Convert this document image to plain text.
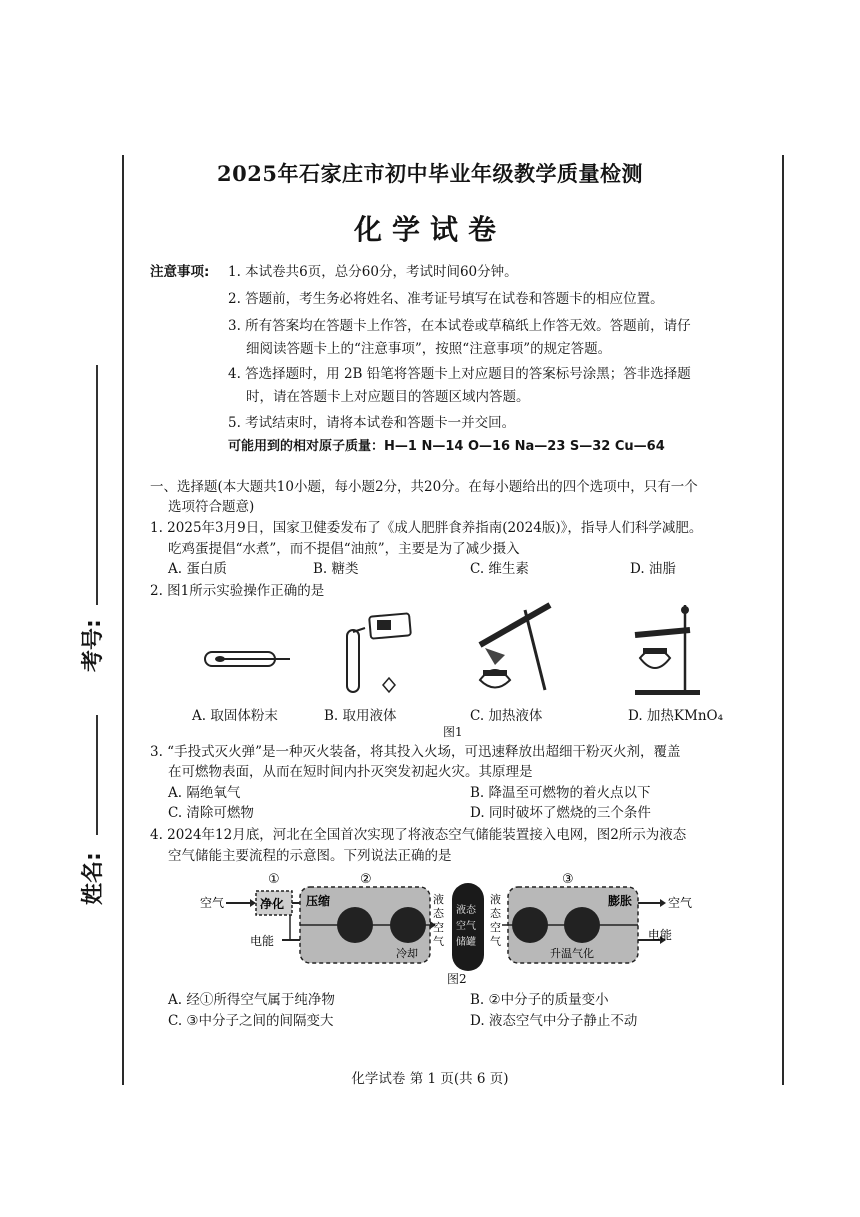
考号:
姓名:
2025年石家庄市初中毕业年级教学质量检测
化学试卷
注意事项: 1. 本试卷共6页，总分60分，考试时间60分钟。
2. 答题前，考生务必将姓名、准考证号填写在试卷和答题卡的相应位置。
3. 所有答案均在答题卡上作答，在本试卷或草稿纸上作答无效。答题前，请仔
细阅读答题卡上的“注意事项”，按照“注意事项”的规定答题。
4. 答选择题时，用 2B 铅笔将答题卡上对应题目的答案标号涂黑；答非选择题
时，请在答题卡上对应题目的答题区域内答题。
5. 考试结束时，请将本试卷和答题卡一并交回。
可能用到的相对原子质量：H—1 N—14 O—16 Na—23 S—32 Cu—64
一、选择题(本大题共10小题，每小题2分，共20分。在每小题给出的四个选项中，只有一个
选项符合题意)
1. 2025年3月9日，国家卫健委发布了《成人肥胖食养指南(2024版)》，指导人们科学减肥。
吃鸡蛋提倡“水煮”，而不提倡“油煎”，主要是为了减少摄入
A. 蛋白质	B. 糖类	C. 维生素	D. 油脂
2. 图1所示实验操作正确的是
A. 取固体粉末	B. 取用液体	C. 加热液体	D. 加热KMnO₄
图1
3. “手投式灭火弹”是一种灭火装备，将其投入火场，可迅速释放出超细干粉灭火剂，覆盖
在可燃物表面，从而在短时间内扑灭突发初起火灾。其原理是
A. 隔绝氧气	B. 降温至可燃物的着火点以下
C. 清除可燃物	D. 同时破坏了燃烧的三个条件
4. 2024年12月底，河北在全国首次实现了将液态空气储能装置接入电网，图2所示为液态
空气储能主要流程的示意图。下列说法正确的是
①	②	③
空气	净化
电能
压缩
冷却
液
态
空
气
液态
空气
储罐
液
态
空
气
膨胀
升温气化
空气
电能
图2
A. 经①所得空气属于纯净物	B. ②中分子的质量变小
C. ③中分子之间的间隔变大	D. 液态空气中分子静止不动
化学试卷 第 1 页(共 6 页)
